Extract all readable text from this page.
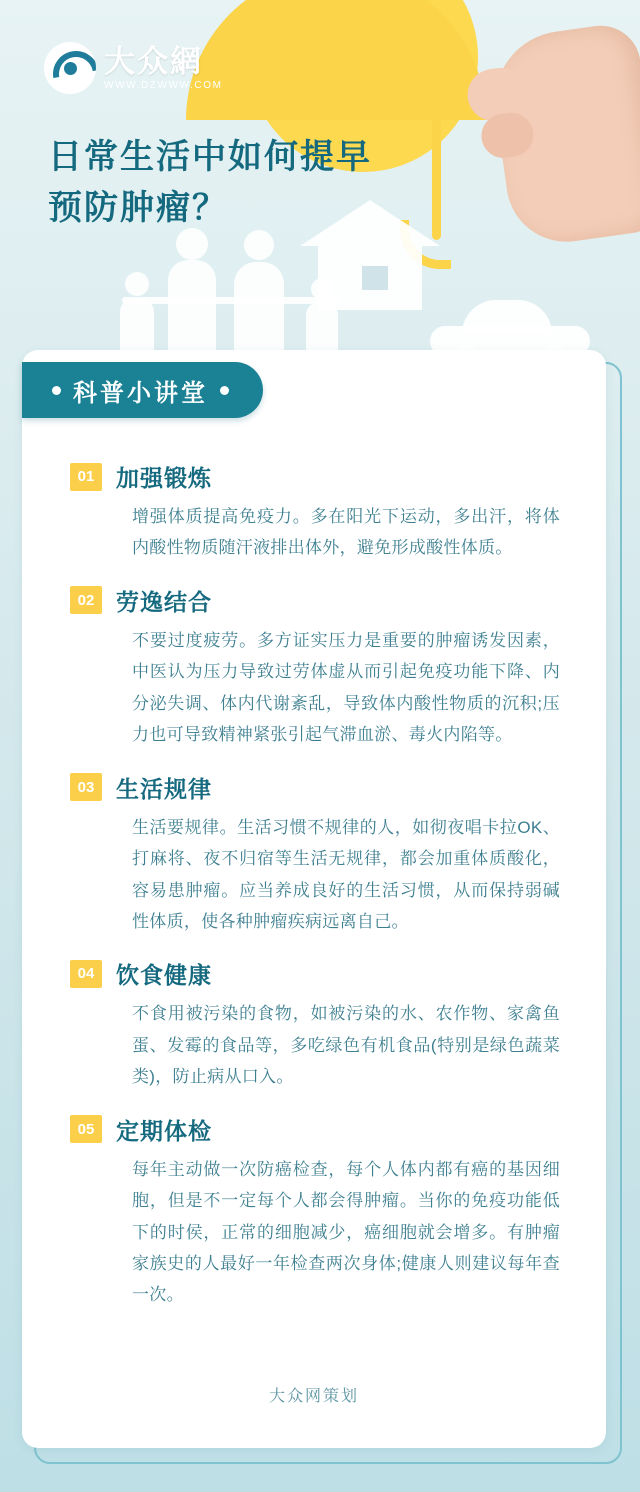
大众網
WWW.DZWWW.COM
日常生活中如何提早
预防肿瘤？
科普小讲堂
01 加强锻炼
增强体质提高免疫力。多在阳光下运动，多出汗，将体内酸性物质随汗液排出体外，避免形成酸性体质。
02 劳逸结合
不要过度疲劳。多方证实压力是重要的肿瘤诱发因素，中医认为压力导致过劳体虚从而引起免疫功能下降、内分泌失调、体内代谢紊乱，导致体内酸性物质的沉积;压力也可导致精神紧张引起气滞血淤、毒火内陷等。
03 生活规律
生活要规律。生活习惯不规律的人，如彻夜唱卡拉OK、打麻将、夜不归宿等生活无规律，都会加重体质酸化，容易患肿瘤。应当养成良好的生活习惯，从而保持弱碱性体质，使各种肿瘤疾病远离自己。
04 饮食健康
不食用被污染的食物，如被污染的水、农作物、家禽鱼蛋、发霉的食品等，多吃绿色有机食品(特别是绿色蔬菜类)，防止病从口入。
05 定期体检
每年主动做一次防癌检查，每个人体内都有癌的基因细胞，但是不一定每个人都会得肿瘤。当你的免疫功能低下的时侯，正常的细胞减少，癌细胞就会增多。有肿瘤家族史的人最好一年检查两次身体;健康人则建议每年查一次。
大众网策划
